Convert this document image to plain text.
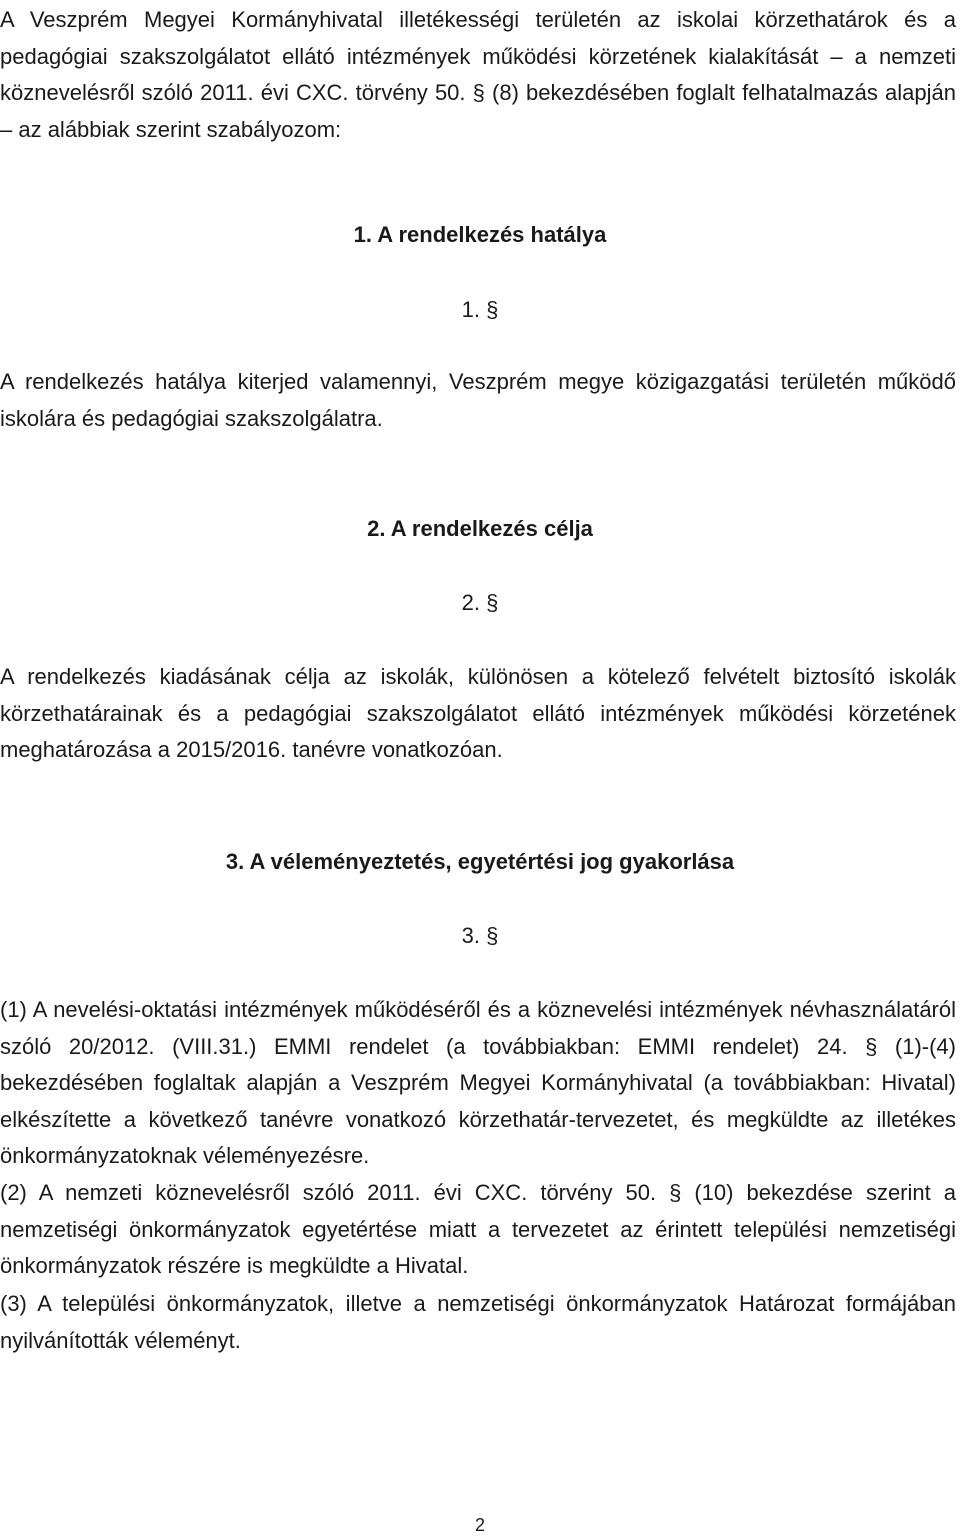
A Veszprém Megyei Kormányhivatal illetékességi területén az iskolai körzethatárok és a pedagógiai szakszolgálatot ellátó intézmények működési körzetének kialakítását – a nemzeti köznevelésről szóló 2011. évi CXC. törvény 50. § (8) bekezdésében foglalt felhatalmazás alapján – az alábbiak szerint szabályozom:

1. A rendelkezés hatálya
1. §

A rendelkezés hatálya kiterjed valamennyi, Veszprém megye közigazgatási területén működő iskolára és pedagógiai szakszolgálatra.

2. A rendelkezés célja
2. §

A rendelkezés kiadásának célja az iskolák, különösen a kötelező felvételt biztosító iskolák körzethatárainak és a pedagógiai szakszolgálatot ellátó intézmények működési körzetének meghatározása a 2015/2016. tanévre vonatkozóan.

3. A véleményeztetés, egyetértési jog gyakorlása
3. §

(1) A nevelési-oktatási intézmények működéséről és a köznevelési intézmények névhasználatáról szóló 20/2012. (VIII.31.) EMMI rendelet (a továbbiakban: EMMI rendelet) 24. § (1)-(4) bekezdésében foglaltak alapján a Veszprém Megyei Kormányhivatal (a továbbiakban: Hivatal) elkészítette a következő tanévre vonatkozó körzethatár-tervezetet, és megküldte az illetékes önkormányzatoknak véleményezésre.

(2) A nemzeti köznevelésről szóló 2011. évi CXC. törvény 50. § (10) bekezdése szerint a nemzetiségi önkormányzatok egyetértése miatt a tervezetet az érintett települési nemzetiségi önkormányzatok részére is megküldte a Hivatal.

(3) A települési önkormányzatok, illetve a nemzetiségi önkormányzatok Határozat formájában nyilvánították véleményt.

2
